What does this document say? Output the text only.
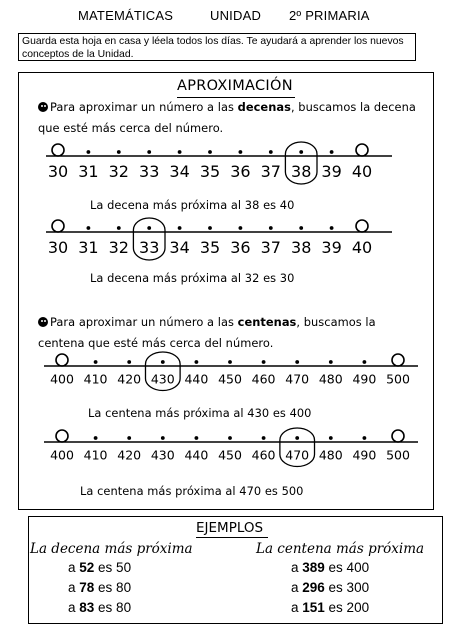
MATEMÁTICAS	UNIDAD 2º PRIMARIA
Guarda esta hoja en casa y léela todos los días. Te ayudará a aprender los nuevos conceptos de la Unidad.
APROXIMACIÓN
Para aproximar un número a las decenas, buscamos la decena que esté más cerca del número.
30 31 32 33 34 35 36 37 38 39 40
30 31 32 33 34 35 36 37 38 39 40
400 410 420 430 440 450 460 470 480 490 500
400 410 420 430 440 450 460 470 480 490 500
La decena más próxima al 38 es 40
La decena más próxima al 32 es 30
Para aproximar un número a las centenas, buscamos la centena que esté más cerca del número.
La centena más próxima al 430 es 400
La centena más próxima al 470 es 500
EJEMPLOS
La decena más próxima	La centena más próxima
a 52 es 50
a 78 es 80
a 83 es 80
a 389 es 400
a 296 es 300
a 151 es 200
